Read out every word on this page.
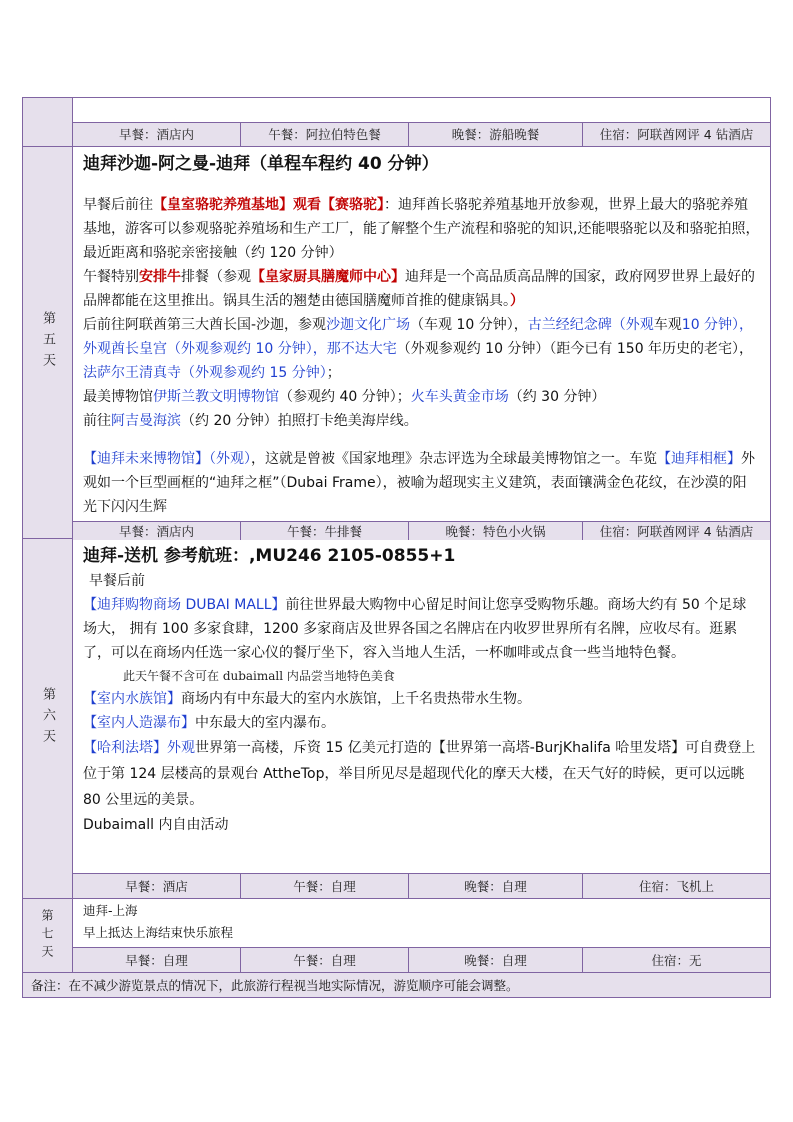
早餐：酒店内	午餐：阿拉伯特色餐	晚餐：游船晚餐	住宿：阿联酋网评 4 钻酒店
第五天
迪拜沙迦-阿之曼-迪拜（单程车程约 40 分钟）
早餐后前往【皇室骆驼养殖基地】观看【赛骆驼】：迪拜酋长骆驼养殖基地开放参观，世界上最大的骆驼养殖基地，游客可以参观骆驼养殖场和生产工厂，能了解整个生产流程和骆驼的知识,还能喂骆驼以及和骆驼拍照，最近距离和骆驼亲密接触（约 120 分钟）
午餐特别安排牛排餐（参观【皇家厨具膳魔师中心】迪拜是一个高品质高品牌的国家，政府网罗世界上最好的 品牌都能在这里推出。锅具生活的翘楚由德国膳魔师首推的健康锅具。）
后前往阿联酋第三大酋长国-沙迦，参观沙迦文化广场（车观 10 分钟），古兰经纪念碑（外观车观10 分钟），外观酋长皇宫（外观参观约 10 分钟），那不达大宅（外观参观约 10 分钟）（距今已有 150 年历史的老宅），法萨尔王清真寺（外观参观约 15 分钟）；
最美博物馆伊斯兰教文明博物馆（参观约 40 分钟）；火车头黄金市场（约 30 分钟）
前往阿吉曼海滨（约 20 分钟）拍照打卡绝美海岸线。
【迪拜未来博物馆】（外观），这就是曾被《国家地理》杂志评选为全球最美博物馆之一。车览【迪拜相框】外观如一个巨型画框的“迪拜之框”（Dubai Frame），被喻为超现实主义建筑，表面镶满金色花纹，在沙漠的阳光下闪闪生辉
早餐：酒店内	午餐：牛排餐	晚餐：特色小火锅	住宿：阿联酋网评 4 钻酒店
第六天
迪拜-送机 参考航班：,MU246 2105-0855+1
早餐后前
【迪拜购物商场 DUBAI MALL】前往世界最大购物中心留足时间让您享受购物乐趣。商场大约有 50 个足球场大， 拥有 100 多家食肆，1200 多家商店及世界各国之名牌店在内收罗世界所有名牌，应收尽有。逛累了，可以在商场内任选一家心仪的餐厅坐下，容入当地人生活，一杯咖啡或点食一些当地特色餐。
此天午餐不含可在 dubaimall 内品尝当地特色美食
【室内水族馆】商场内有中东最大的室内水族馆，上千名贵热带水生物。
【室内人造瀑布】中东最大的室内瀑布。
【哈利法塔】外观世界第一高楼，斥资 15 亿美元打造的【世界第一高塔-BurjKhalifa 哈里发塔】可自费登上位于第 124 层楼高的景观台 AttheTop，举目所见尽是超现代化的摩天大楼，在天气好的時候，更可以远眺 80 公里远的美景。
Dubaimall 内自由活动
早餐：酒店	午餐：自理	晚餐：自理	住宿：飞机上
第七天 迪拜-上海
早上抵达上海结束快乐旅程
早餐：自理	午餐：自理	晚餐：自理	住宿：无
备注：在不减少游览景点的情况下，此旅游行程视当地实际情况，游览顺序可能会调整。
